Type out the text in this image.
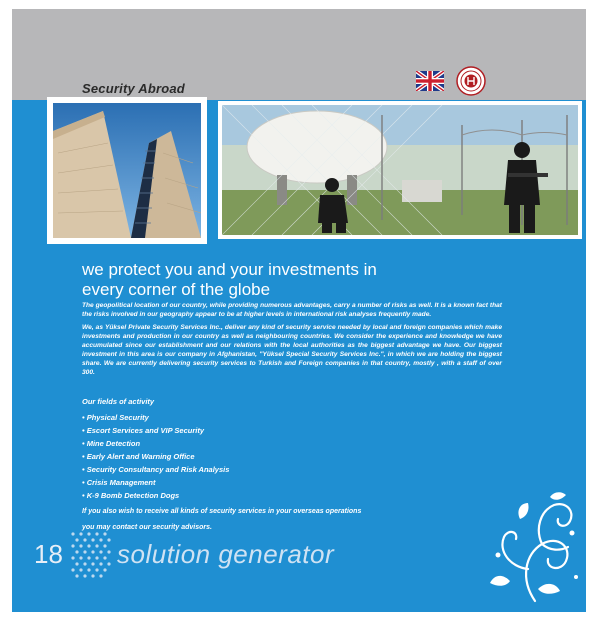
Security Abroad
we protect you and your investments in
every corner of the globe

The geopolitical location of our country, while providing numerous advantages, carry a number of risks as well. It is a known fact that the risks involved in our geography appear to be at higher levels in international risk analyses frequently made.

We, as Yüksel Private Security Services Inc., deliver any kind of security service needed by local and foreign companies which make investments and production in our country as well as neighbouring countries. We consider the experience and knowledge we have accumulated since our establishment and our relations with the local authorities as the biggest advantage we have. Our biggest investment in this area is our company in Afghanistan, "Yüksel Special Security Services Inc.", in which we are holding the biggest share. We are currently delivering security services to Turkish and Foreign companies in that country, mostly , with a staff of over 300.

Our fields of activity
• Physical Security
• Escort Services and VIP Security
• Mine Detection
• Early Alert and Warning Office
• Security Consultancy and Risk Analysis
• Crisis Management
• K-9 Bomb Detection Dogs

If you also wish to receive all kinds of security services in your overseas operations

you may contact our security advisors.

18 solution generator
